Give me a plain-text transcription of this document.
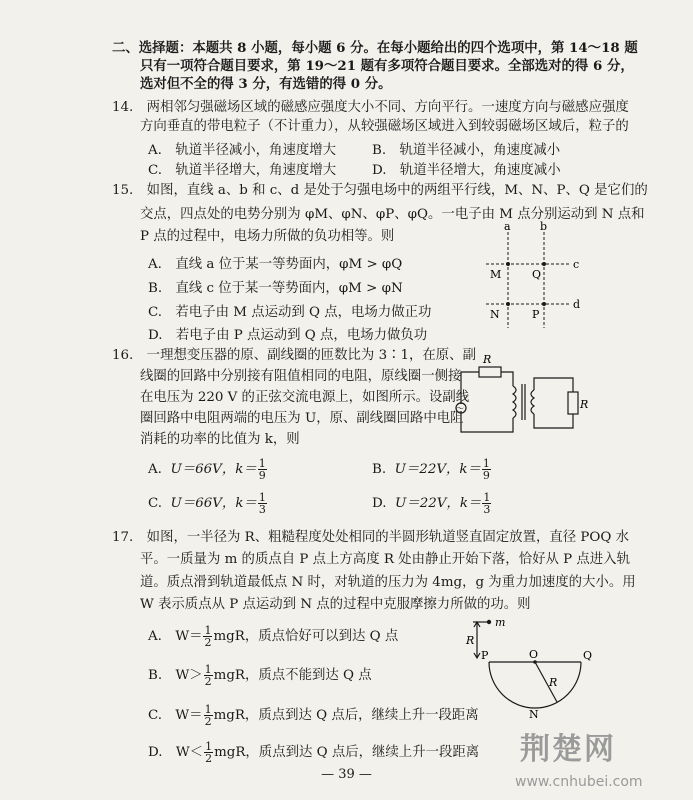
二、选择题：本题共 8 小题，每小题 6 分。在每小题给出的四个选项中，第 14～18 题
只有一项符合题目要求，第 19～21 题有多项符合题目要求。全部选对的得 6 分，
选对但不全的得 3 分，有选错的得 0 分。
14.　两相邻匀强磁场区域的磁感应强度大小不同、方向平行。一速度方向与磁感应强度
方向垂直的带电粒子（不计重力），从较强磁场区域进入到较弱磁场区域后，粒子的
A.　轨道半径减小，角速度增大	B.　轨道半径减小，角速度减小
C.　轨道半径增大，角速度增大	D.　轨道半径增大，角速度减小
15.　如图，直线 a、b 和 c、d 是处于匀强电场中的两组平行线，M、N、P、Q 是它们的
交点，四点处的电势分别为 φM、φN、φP、φQ。一电子由 M 点分别运动到 N 点和
P 点的过程中，电场力所做的负功相等。则
A.　直线 a 位于某一等势面内，φM > φQ
B.　直线 c 位于某一等势面内，φM > φN
C.　若电子由 M 点运动到 Q 点，电场力做正功
D.　若电子由 P 点运动到 Q 点，电场力做负功
a	b
c
d
M	Q
N	P
16.　一理想变压器的原、副线圈的匝数比为 3∶1，在原、副
线圈的回路中分别接有阻值相同的电阻，原线圈一侧接
在电压为 220 V 的正弦交流电源上，如图所示。设副线
圈回路中电阻两端的电压为 U，原、副线圈回路中电阻
消耗的功率的比值为 k，则
A. U＝66V，$k= \frac{1}{9}$	B. U＝22V，$k= \frac{1}{9}$
C. U＝66V，$k= \frac{1}{3}$	D. U＝22V，$k= \frac{1}{3}$
R
R
～
17.　如图，一半径为 R、粗糙程度处处相同的半圆形轨道竖直固定放置，直径 POQ 水
平。一质量为 m 的质点自 P 点上方高度 R 处由静止开始下落，恰好从 P 点进入轨
道。质点滑到轨道最低点 N 时，对轨道的压力为 4mg，g 为重力加速度的大小。用
W 表示质点从 P 点运动到 N 点的过程中克服摩擦力所做的功。则
A.　$W= \frac{1}{2}$ mgR，质点恰好可以到达 Q 点
B.　$W> \frac{1}{2}$ mgR，质点不能到达 Q 点
C.　$W= \frac{1}{2}$ mgR，质点到达 Q 点后，继续上升一段距离
D.　$W< \frac{1}{2}$ mgR，质点到达 Q 点后，继续上升一段距离
m
R
P	O	Q
R
N
— 39 —
荆楚网
www.cnhubei.com
